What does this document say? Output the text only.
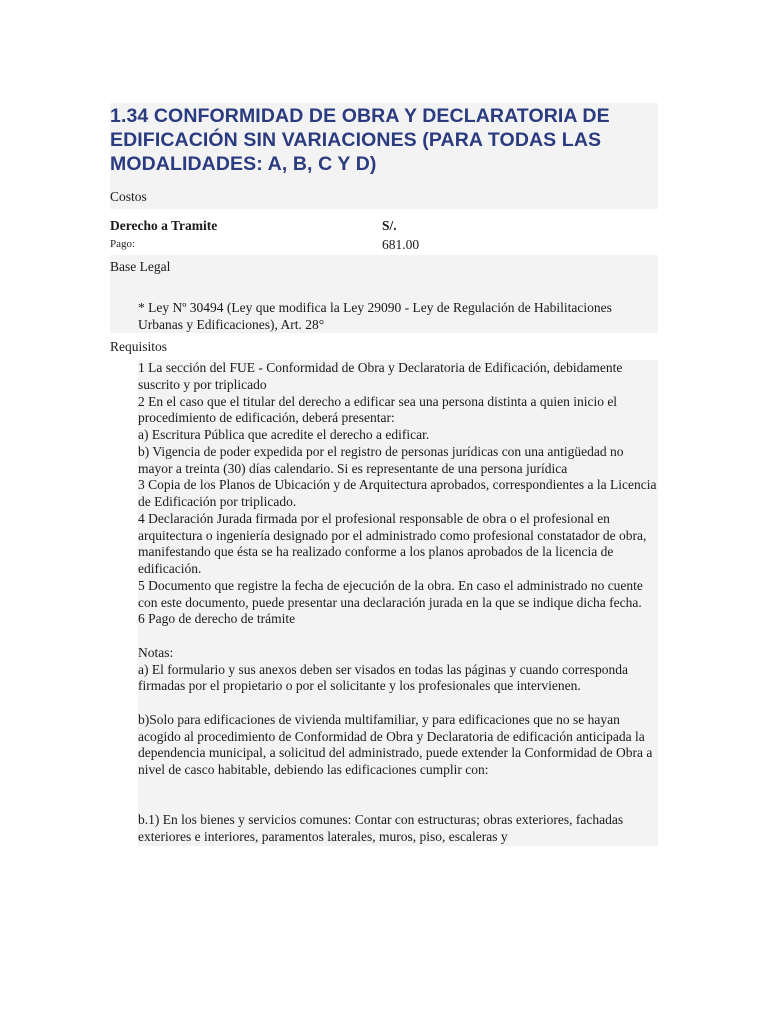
1.34 CONFORMIDAD DE OBRA Y DECLARATORIA DE EDIFICACIÓN SIN VARIACIONES (PARA TODAS LAS MODALIDADES: A, B, C Y D)

Costos

Derecho a Tramite	S/.
Pago:	681.00

Base Legal

* Ley Nº 30494 (Ley que modifica la Ley 29090 - Ley de Regulación de Habilitaciones Urbanas y Edificaciones), Art. 28°

Requisitos

1 La sección del FUE - Conformidad de Obra y Declaratoria de Edificación, debidamente suscrito y por triplicado

2 En el caso que el titular del derecho a edificar sea una persona distinta a quien inicio el procedimiento de edificación, deberá presentar:

a) Escritura Pública que acredite el derecho a edificar.

b) Vigencia de poder expedida por el registro de personas jurídicas con una antigüedad no mayor a treinta (30) días calendario. Si es representante de una persona jurídica

3 Copia de los Planos de Ubicación y de Arquitectura aprobados, correspondientes a la Licencia de Edificación por triplicado.

4 Declaración Jurada firmada por el profesional responsable de obra o el profesional en arquitectura o ingeniería designado por el administrado como profesional constatador de obra, manifestando que ésta se ha realizado conforme a los planos aprobados de la licencia de edificación.

5 Documento que registre la fecha de ejecución de la obra. En caso el administrado no cuente con este documento, puede presentar una declaración jurada en la que se indique dicha fecha.

6 Pago de derecho de trámite

Notas:

a) El formulario y sus anexos deben ser visados en todas las páginas y cuando corresponda firmadas por el propietario o por el solicitante y los profesionales que intervienen.

b)Solo para edificaciones de vivienda multifamiliar, y para edificaciones que no se hayan acogido al procedimiento de Conformidad de Obra y Declaratoria de edificación anticipada la dependencia municipal, a solicitud del administrado, puede extender la Conformidad de Obra a nivel de casco habitable, debiendo las edificaciones cumplir con:

b.1) En los bienes y servicios comunes: Contar con estructuras; obras exteriores, fachadas exteriores e interiores, paramentos laterales, muros, piso, escaleras y
